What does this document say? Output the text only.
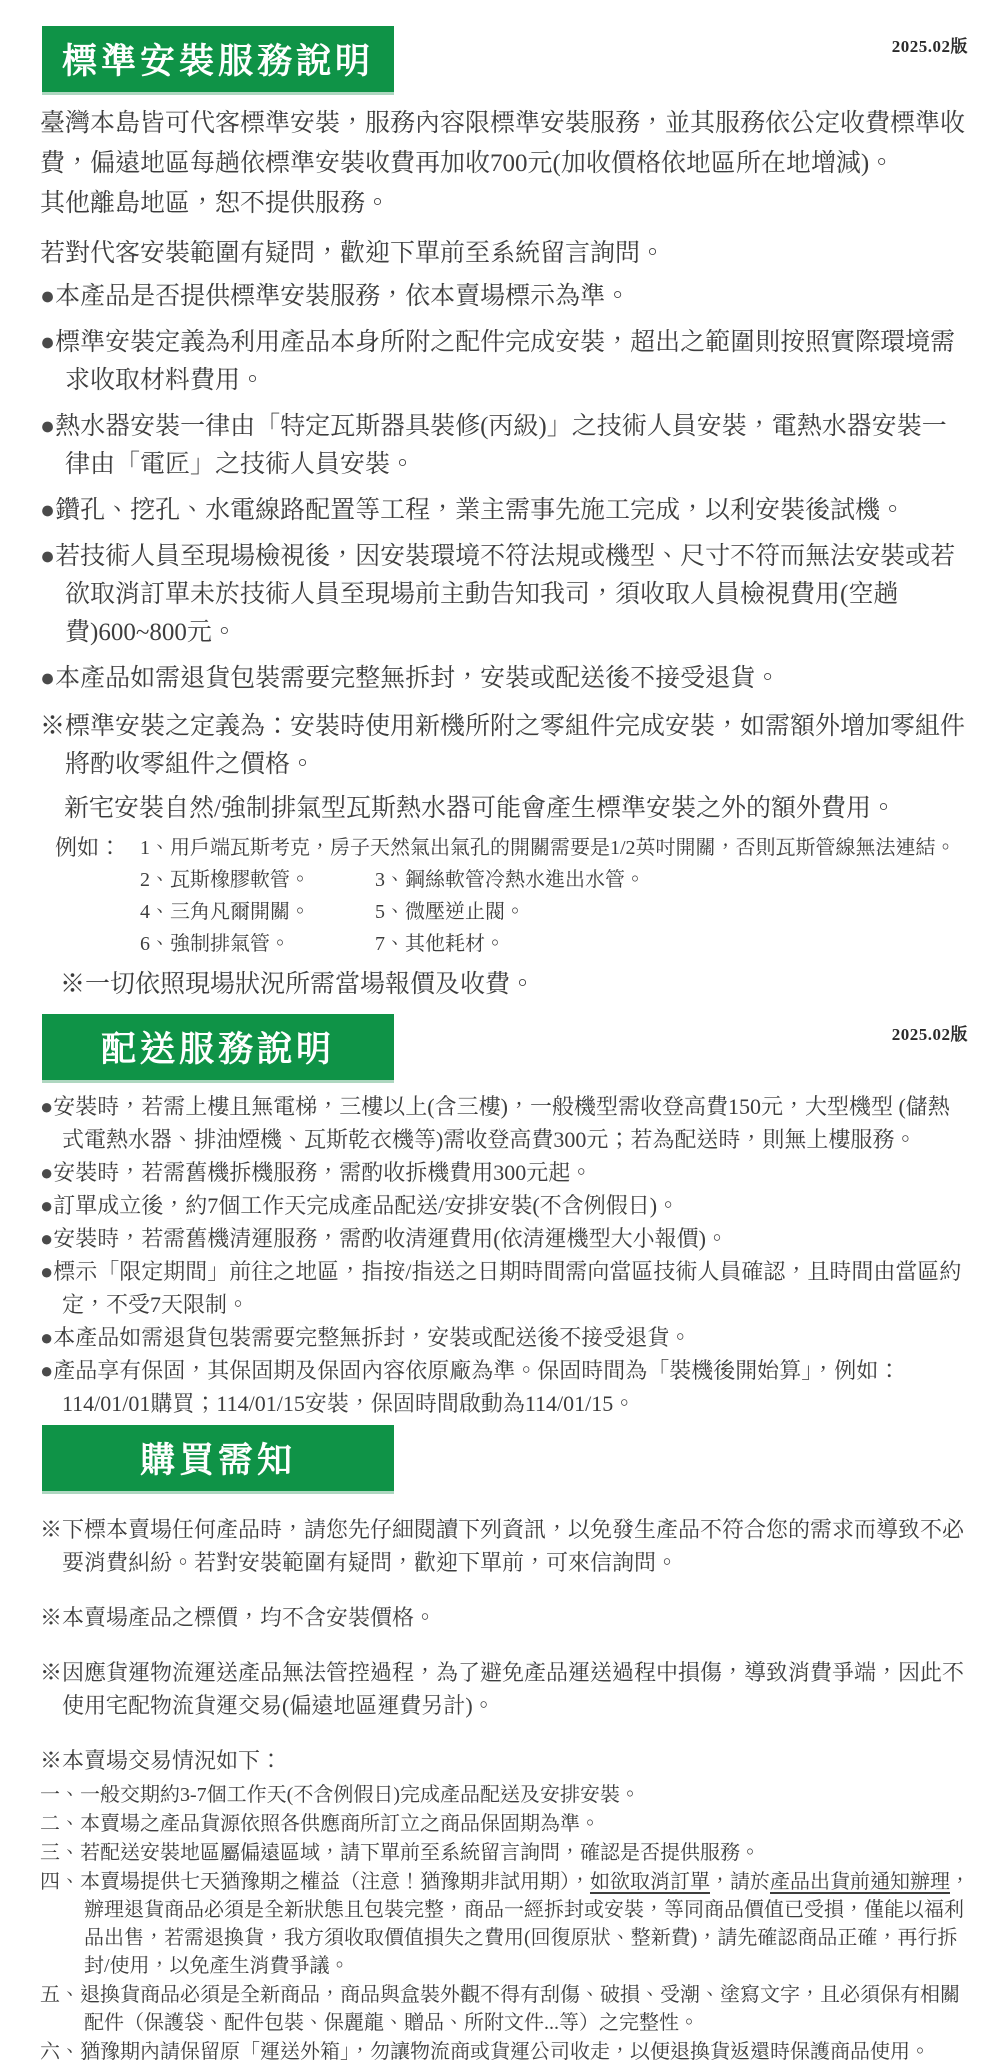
2025.02版
標準安裝服務說明

臺灣本島皆可代客標準安裝，服務內容限標準安裝服務，並其服務依公定收費標準收費，偏遠地區每趟依標準安裝收費再加收700元(加收價格依地區所在地增減)。

其他離島地區，恕不提供服務。

若對代客安裝範圍有疑問，歡迎下單前至系統留言詢問。

●本產品是否提供標準安裝服務，依本賣場標示為準。
●標準安裝定義為利用產品本身所附之配件完成安裝，超出之範圍則按照實際環境需求收取材料費用。
●熱水器安裝一律由「特定瓦斯器具裝修(丙級)」之技術人員安裝，電熱水器安裝一律由「電匠」之技術人員安裝。
●鑽孔、挖孔、水電線路配置等工程，業主需事先施工完成，以利安裝後試機。
●若技術人員至現場檢視後，因安裝環境不符法規或機型、尺寸不符而無法安裝或若欲取消訂單未於技術人員至現場前主動告知我司，須收取人員檢視費用(空趟費)600~800元。
●本產品如需退貨包裝需要完整無拆封，安裝或配送後不接受退貨。

※標準安裝之定義為：安裝時使用新機所附之零組件完成安裝，如需額外增加零組件將酌收零組件之價格。

新宅安裝自然/強制排氣型瓦斯熱水器可能會產生標準安裝之外的額外費用。

例如： 1、用戶端瓦斯考克，房子天然氣出氣孔的開關需要是1/2英吋開關，否則瓦斯管線無法連結。
2、瓦斯橡膠軟管。	3、鋼絲軟管冷熱水進出水管。
4、三角凡爾開關。	5、微壓逆止閥。
6、強制排氣管。	7、其他耗材。

※一切依照現場狀況所需當場報價及收費。

2025.02版
配送服務說明
●安裝時，若需上樓且無電梯，三樓以上(含三樓)，一般機型需收登高費150元，大型機型 (儲熱式電熱水器、排油煙機、瓦斯乾衣機等)需收登高費300元；若為配送時，則無上樓服務。
●安裝時，若需舊機拆機服務，需酌收拆機費用300元起。
●訂單成立後，約7個工作天完成產品配送/安排安裝(不含例假日)。
●安裝時，若需舊機清運服務，需酌收清運費用(依清運機型大小報價)。
●標示「限定期間」前往之地區，指按/指送之日期時間需向當區技術人員確認，且時間由當區約定，不受7天限制。
●本產品如需退貨包裝需要完整無拆封，安裝或配送後不接受退貨。
●產品享有保固，其保固期及保固內容依原廠為準。保固時間為「裝機後開始算」，例如：114/01/01購買；114/01/15安裝，保固時間啟動為114/01/15。
購買需知

※下標本賣場任何產品時，請您先仔細閱讀下列資訊，以免發生產品不符合您的需求而導致不必要消費糾紛。若對安裝範圍有疑問，歡迎下單前，可來信詢問。

※本賣場產品之標價，均不含安裝價格。

※因應貨運物流運送產品無法管控過程，為了避免產品運送過程中損傷，導致消費爭端，因此不使用宅配物流貨運交易(偏遠地區運費另計)。

※本賣場交易情況如下：

一、一般交期約3-7個工作天(不含例假日)完成產品配送及安排安裝。
二、本賣場之產品貨源依照各供應商所訂立之商品保固期為準。
三、若配送安裝地區屬偏遠區域，請下單前至系統留言詢問，確認是否提供服務。
四、本賣場提供七天猶豫期之權益（注意！猶豫期非試用期），如欲取消訂單，請於產品出貨前通知辦理，辦理退貨商品必須是全新狀態且包裝完整，商品一經拆封或安裝，等同商品價值已受損，僅能以福利品出售，若需退換貨，我方須收取價值損失之費用(回復原狀、整新費)，請先確認商品正確，再行拆封/使用，以免產生消費爭議。
五、退換貨商品必須是全新商品，商品與盒裝外觀不得有刮傷、破損、受潮、塗寫文字，且必須保有相關配件（保護袋、配件包裝、保麗龍、贈品、所附文件...等）之完整性。
六、猶豫期內請保留原「運送外箱」，勿讓物流商或貨運公司收走，以便退換貨返還時保護商品使用。
